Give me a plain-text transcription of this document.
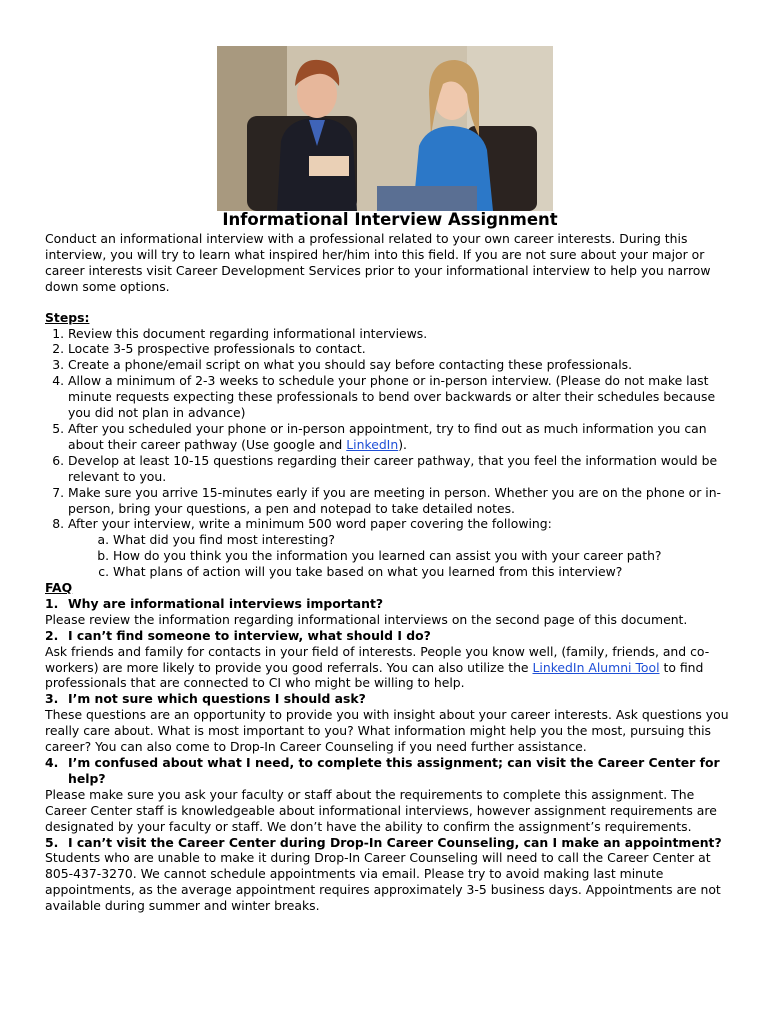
Informational Interview Assignment

Conduct an informational interview with a professional related to your own career interests. During this interview, you will try to learn what inspired her/him into this field. If you are not sure about your major or career interests visit Career Development Services prior to your informational interview to help you narrow down some options.

Steps:

1. Review this document regarding informational interviews.
2. Locate 3-5 prospective professionals to contact.
3. Create a phone/email script on what you should say before contacting these professionals.
4. Allow a minimum of 2-3 weeks to schedule your phone or in-person interview. (Please do not make last minute requests expecting these professionals to bend over backwards or alter their schedules because you did not plan in advance)
5. After you scheduled your phone or in-person appointment, try to find out as much information you can about their career pathway (Use google and LinkedIn).
6. Develop at least 10-15 questions regarding their career pathway, that you feel the information would be relevant to you.
7. Make sure you arrive 15-minutes early if you are meeting in person. Whether you are on the phone or in-person, bring your questions, a pen and notepad to take detailed notes.
8. After your interview, write a minimum 500 word paper covering the following:
a. What did you find most interesting?
b. How do you think you the information you learned can assist you with your career path?
c. What plans of action will you take based on what you learned from this interview?

FAQ

1. Why are informational interviews important?

Please review the information regarding informational interviews on the second page of this document.

2. I can’t find someone to interview, what should I do?

Ask friends and family for contacts in your field of interests. People you know well, (family, friends, and co-workers) are more likely to provide you good referrals. You can also utilize the LinkedIn Alumni Tool to find professionals that are connected to CI who might be willing to help.

3. I’m not sure which questions I should ask?

These questions are an opportunity to provide you with insight about your career interests. Ask questions you really care about. What is most important to you? What information might help you the most, pursuing this career? You can also come to Drop-In Career Counseling if you need further assistance.

4. I’m confused about what I need, to complete this assignment; can visit the Career Center for help?

Please make sure you ask your faculty or staff about the requirements to complete this assignment. The Career Center staff is knowledgeable about informational interviews, however assignment requirements are designated by your faculty or staff. We don’t have the ability to confirm the assignment’s requirements.

5. I can’t visit the Career Center during Drop-In Career Counseling, can I make an appointment?

Students who are unable to make it during Drop-In Career Counseling will need to call the Career Center at 805-437-3270. We cannot schedule appointments via email. Please try to avoid making last minute appointments, as the average appointment requires approximately 3-5 business days. Appointments are not available during summer and winter breaks.
